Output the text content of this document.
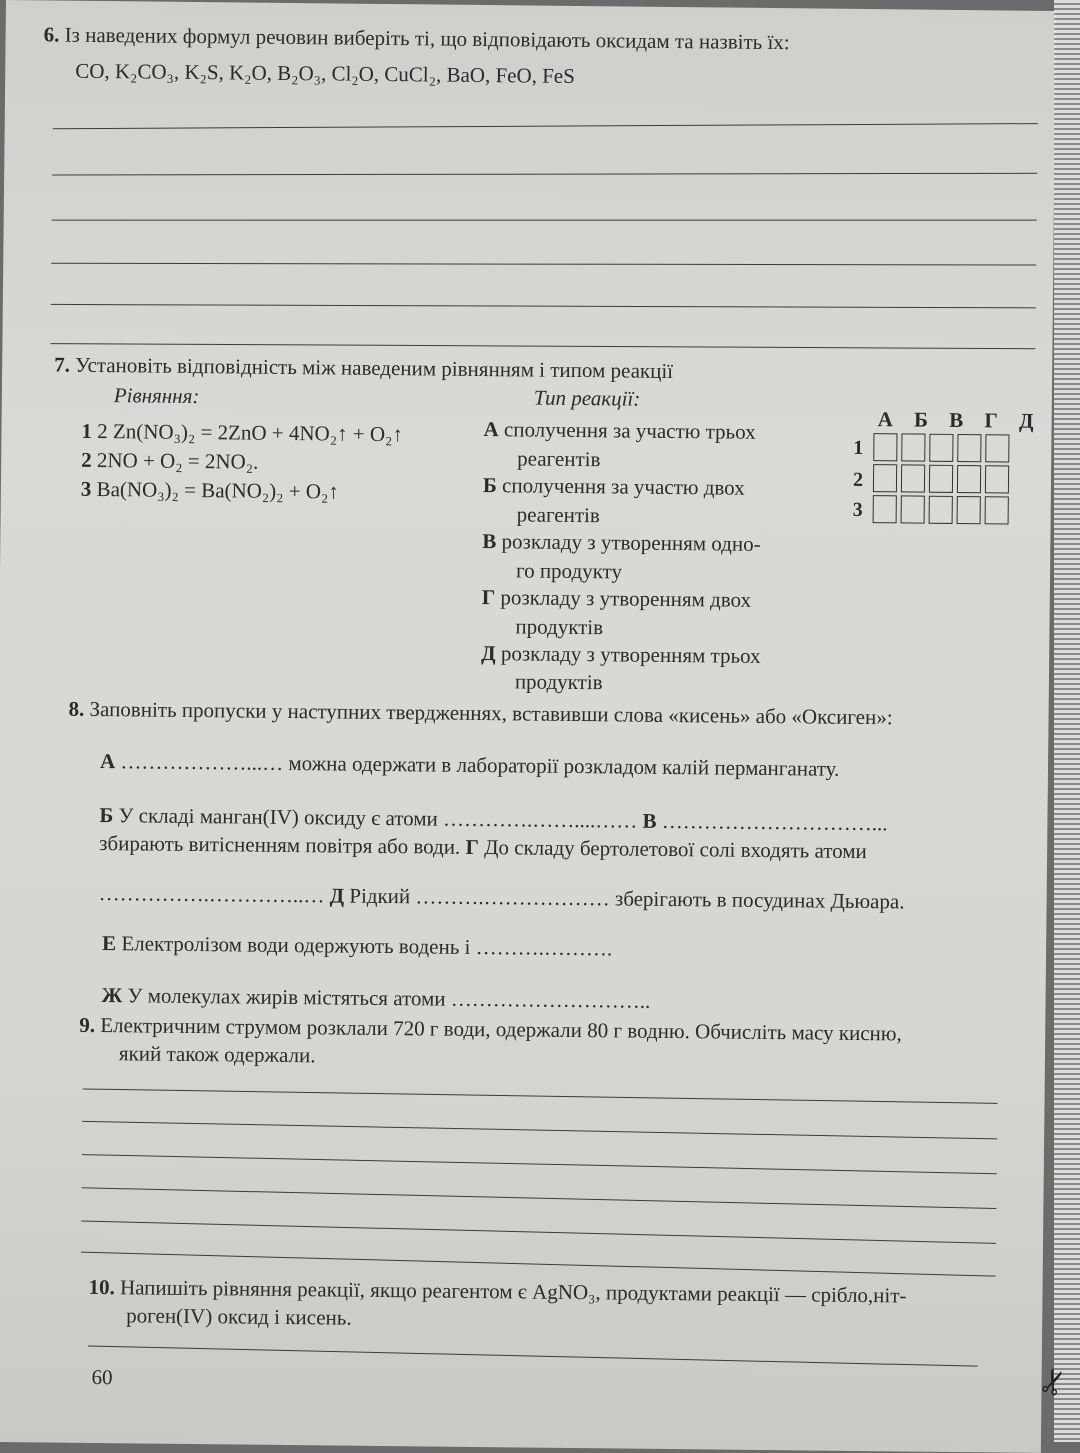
6. Із наведених формул речовин виберіть ті, що відповідають оксидам та назвіть їх:
CO, K₂CO₃, K₂S, K₂O, B₂O₃, Cl₂O, CuCl₂, BaO, FeO, FeS
7. Установіть відповідність між наведеним рівнянням і типом реакції
Рівняння:	Тип реакції:
1 2 Zn(NO₃)₂ = 2ZnO + 4NO₂↑ + O₂↑
2 2NO + O₂ = 2NO₂.
3 Ba(NO₃)₂ = Ba(NO₂)₂ + O₂↑
А сполучення за участю трьох
реагентів
Б сполучення за участю двох
реагентів
В розкладу з утворенням одно-
го продукту
Г розкладу з утворенням двох
продуктів
Д розкладу з утворенням трьох
продуктів
А Б В Г Д
1
2
3
8. Заповніть пропуски у наступних твердженнях, вставивши слова «кисень» або «Оксиген»:
А ………………...… можна одержати в лабораторії розкладом калій перманганату.
Б У складі манган(IV) оксиду є атоми ………….……....…… В …………………………...
збирають витісненням повітря або води. Г До складу бертолетової солі входять атоми
…………….…………..… Д Рідкий ……….……………… зберігають в посудинах Дьюара.
Е Електролізом води одержують водень і ……….……….
Ж У молекулах жирів містяться атоми ………………………..
9. Електричним струмом розклали 720 г води, одержали 80 г водню. Обчисліть масу кисню,
який також одержали.
10. Напишіть рівняння реакції, якщо реагентом є AgNO₃, продуктами реакції — срібло,ніт-
роген(IV) оксид і кисень.
60	✂
